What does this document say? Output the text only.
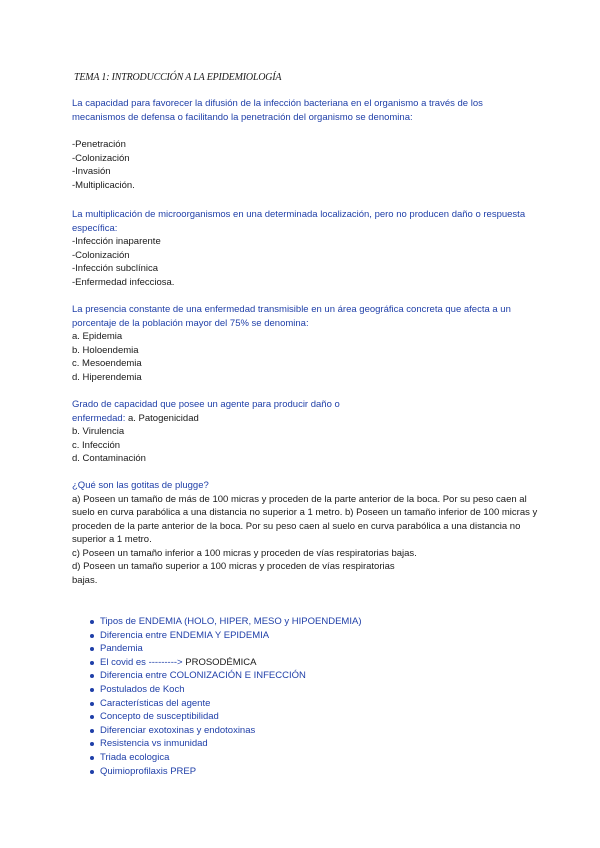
TEMA 1: INTRODUCCIÓN A LA EPIDEMIOLOGÍA
La capacidad para favorecer la difusión de la infección bacteriana en el organismo a través de los mecanismos de defensa o facilitando la penetración del organismo se denomina:
-Penetración
-Colonización
-Invasión
-Multiplicación.
La multiplicación de microorganismos en una determinada localización, pero no producen daño o respuesta específica:
-Infección inaparente
-Colonización
-Infección subclínica
-Enfermedad infecciosa.
La presencia constante de una enfermedad transmisible en un área geográfica concreta que afecta a un porcentaje de la población mayor del 75% se denomina:
a. Epidemia
b. Holoendemia
c. Mesoendemia
d. Hiperendemia
Grado de capacidad que posee un agente para producir daño o
enfermedad: a. Patogenicidad
b. Virulencia
c. Infección
d. Contaminación
¿Qué son las gotitas de plugge?
a) Poseen un tamaño de más de 100 micras y proceden de la parte anterior de la boca. Por su peso caen al suelo en curva parabólica a una distancia no superior a 1 metro. b) Poseen un tamaño inferior de 100 micras y proceden de la parte anterior de la boca. Por su peso caen al suelo en curva parabólica a una distancia no superior a 1 metro.
c) Poseen un tamaño inferior a 100 micras y proceden de vías respiratorias bajas.
d) Poseen un tamaño superior a 100 micras y proceden de vías respiratorias
bajas.
Tipos de ENDEMIA (HOLO, HIPER, MESO y HIPOENDEMIA)
Diferencia entre ENDEMIA Y EPIDEMIA
Pandemia
El covid es ---------> PROSODÉMICA
Diferencia entre COLONIZACIÓN E INFECCIÓN
Postulados de Koch
Características del agente
Concepto de susceptibilidad
Diferenciar exotoxinas y endotoxinas
Resistencia vs inmunidad
Triada ecologica
Quimioprofilaxis PREP
